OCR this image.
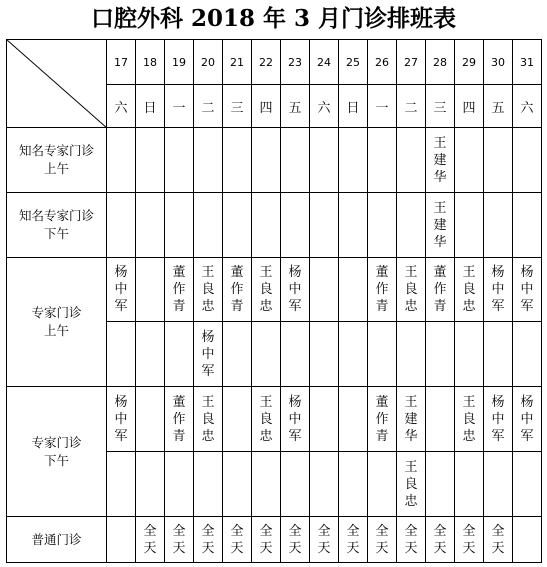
口腔外科 2018 年 3 月门诊排班表
	17	18	19	20	21	22	23	24	25	26	27	28	29	30	31
	六	日	一	二	三	四	五	六	日	一	二	三	四	五	六
知名专家门诊
上午												王建华			

知名专家门诊
下午												王建华			

专家门诊
上午	杨中军		董作青	王良忠	董作青	王良忠	杨中军			董作青	王良忠	董作青	王良忠	杨中军	杨中军

				杨中军											

专家门诊
下午	杨中军		董作青	王良忠		王良忠	杨中军			董作青	王建华		王良忠	杨中军	杨中军

											王良忠				

普通门诊		全天	全天	全天	全天	全天	全天	全天	全天	全天	全天	全天	全天	全天	
